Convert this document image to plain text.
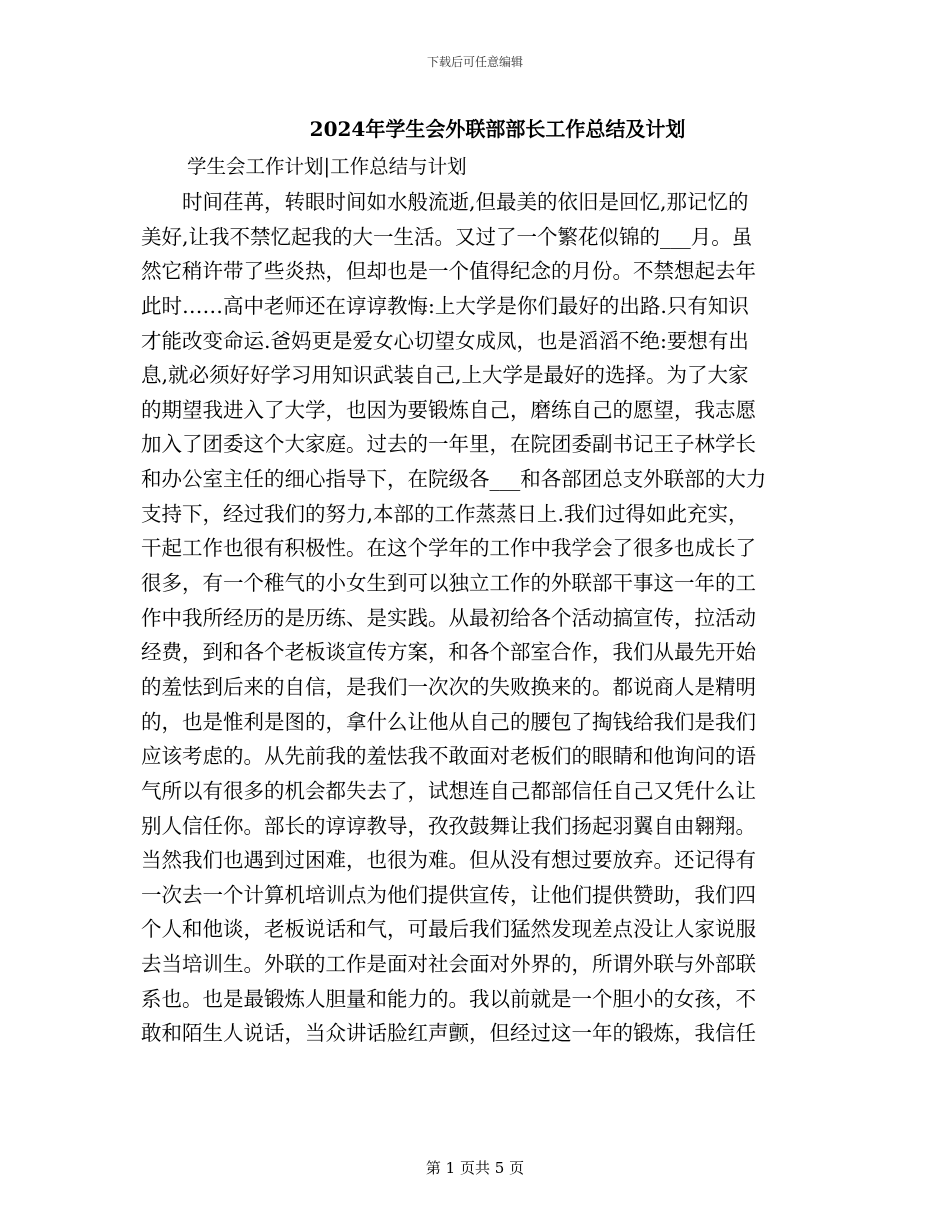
下载后可任意编辑
2024年学生会外联部部长工作总结及计划

学生会工作计划|工作总结与计划

　　时间荏苒，转眼时间如水般流逝,但最美的依旧是回忆,那记忆的
美好,让我不禁忆起我的大一生活。又过了一个繁花似锦的___月。虽
然它稍许带了些炎热，但却也是一个值得纪念的月份。不禁想起去年
此时……高中老师还在谆谆教悔:上大学是你们最好的出路.只有知识
才能改变命运.爸妈更是爱女心切望女成凤，也是滔滔不绝:要想有出
息,就必须好好学习用知识武装自己,上大学是最好的选择。为了大家
的期望我进入了大学，也因为要锻炼自己，磨练自己的愿望，我志愿
加入了团委这个大家庭。过去的一年里，在院团委副书记王子林学长
和办公室主任的细心指导下，在院级各___和各部团总支外联部的大力
支持下，经过我们的努力,本部的工作蒸蒸日上.我们过得如此充实，
干起工作也很有积极性。在这个学年的工作中我学会了很多也成长了
很多，有一个稚气的小女生到可以独立工作的外联部干事这一年的工
作中我所经历的是历练、是实践。从最初给各个活动搞宣传，拉活动
经费，到和各个老板谈宣传方案，和各个部室合作，我们从最先开始
的羞怯到后来的自信，是我们一次次的失败换来的。都说商人是精明
的，也是惟利是图的，拿什么让他从自己的腰包了掏钱给我们是我们
应该考虑的。从先前我的羞怯我不敢面对老板们的眼睛和他询问的语
气所以有很多的机会都失去了，试想连自己都部信任自己又凭什么让
别人信任你。部长的谆谆教导，孜孜鼓舞让我们扬起羽翼自由翱翔。
当然我们也遇到过困难，也很为难。但从没有想过要放弃。还记得有
一次去一个计算机培训点为他们提供宣传，让他们提供赞助，我们四
个人和他谈，老板说话和气，可最后我们猛然发现差点没让人家说服
去当培训生。外联的工作是面对社会面对外界的，所谓外联与外部联
系也。也是最锻炼人胆量和能力的。我以前就是一个胆小的女孩，不
敢和陌生人说话，当众讲话脸红声颤，但经过这一年的锻炼，我信任
第 1 页共 5 页
